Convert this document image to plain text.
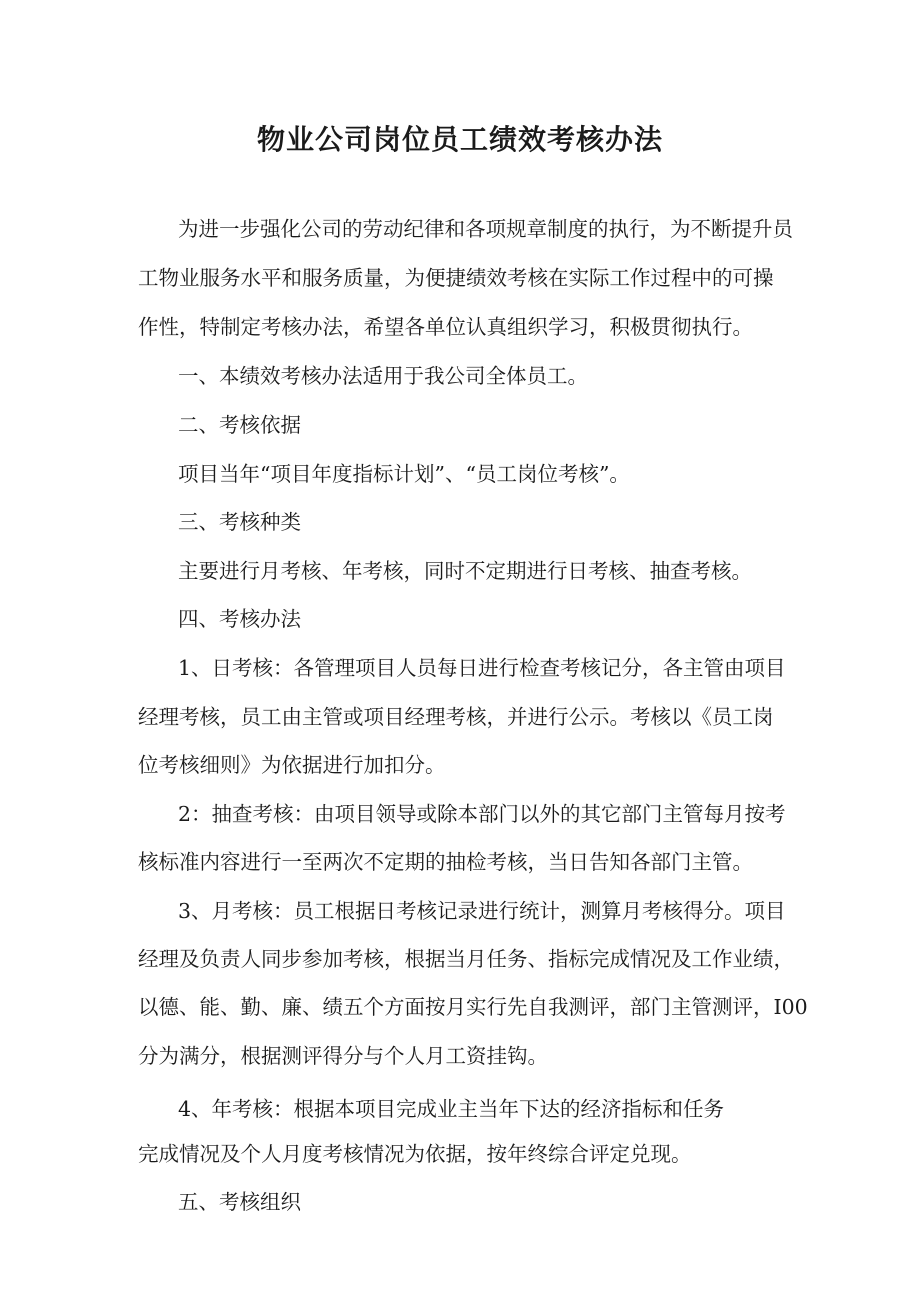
物业公司岗位员工绩效考核办法

为进一步强化公司的劳动纪律和各项规章制度的执行，为不断提升员

工物业服务水平和服务质量，为便捷绩效考核在实际工作过程中的可操

作性，特制定考核办法，希望各单位认真组织学习，积极贯彻执行。

一、本绩效考核办法适用于我公司全体员工。

二、考核依据

项目当年“项目年度指标计划”、“员工岗位考核”。

三、考核种类

主要进行月考核、年考核，同时不定期进行日考核、抽查考核。

四、考核办法

1、日考核：各管理项目人员每日进行检查考核记分，各主管由项目

经理考核，员工由主管或项目经理考核，并进行公示。考核以《员工岗

位考核细则》为依据进行加扣分。

2：抽查考核：由项目领导或除本部门以外的其它部门主管每月按考

核标准内容进行一至两次不定期的抽检考核，当日告知各部门主管。

3、月考核：员工根据日考核记录进行统计，测算月考核得分。项目

经理及负责人同步参加考核，根据当月任务、指标完成情况及工作业绩，

以德、能、勤、廉、绩五个方面按月实行先自我测评，部门主管测评，I00

分为满分，根据测评得分与个人月工资挂钩。

4、年考核：根据本项目完成业主当年下达的经济指标和任务

完成情况及个人月度考核情况为依据，按年终综合评定兑现。

五、考核组织
